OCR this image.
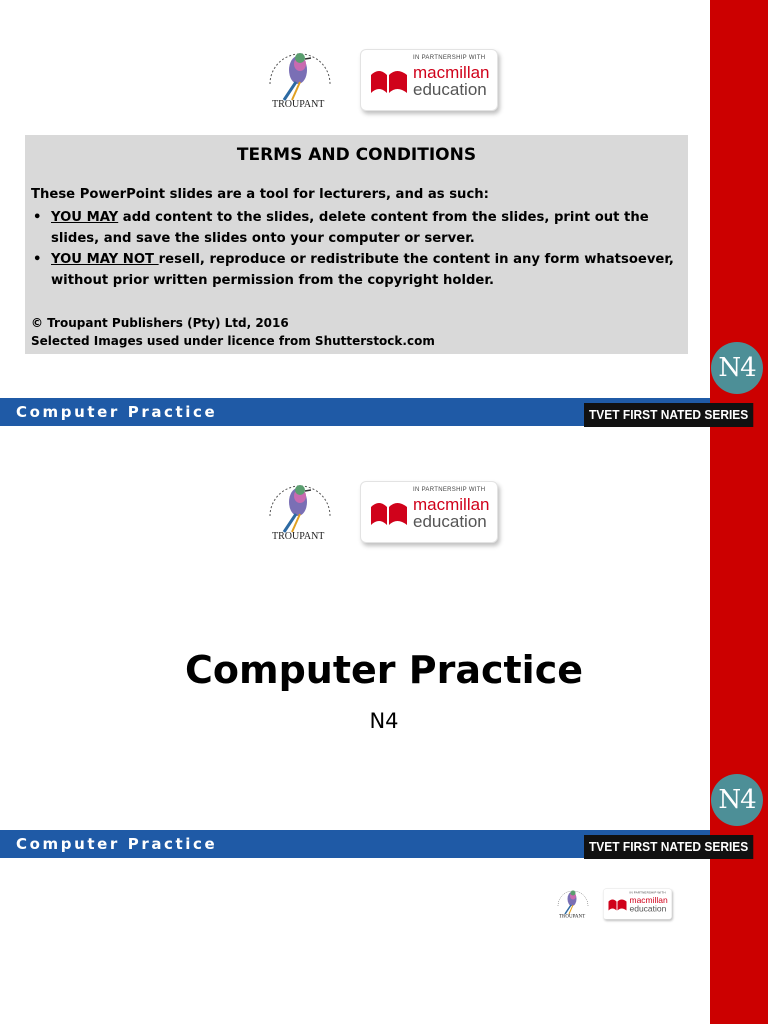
TROUPANT
IN PARTNERSHIP WITH
macmillan
education
TERMS AND CONDITIONS
These PowerPoint slides are a tool for lecturers, and as such:
• YOU MAY add content to the slides, delete content from the slides, print out the slides, and save the slides onto your computer or server.
• YOU MAY NOT resell, reproduce or redistribute the content in any form whatsoever, without prior written permission from the copyright holder.
© Troupant Publishers (Pty) Ltd, 2016
Selected Images used under licence from Shutterstock.com
N4
Computer Practice	TVET FIRST NATED SERIES
TROUPANT
IN PARTNERSHIP WITH
macmillan
education
Computer Practice
N4
N4
Computer Practice	TVET FIRST NATED SERIES
TROUPANT
IN PARTNERSHIP WITH
macmillan
education
